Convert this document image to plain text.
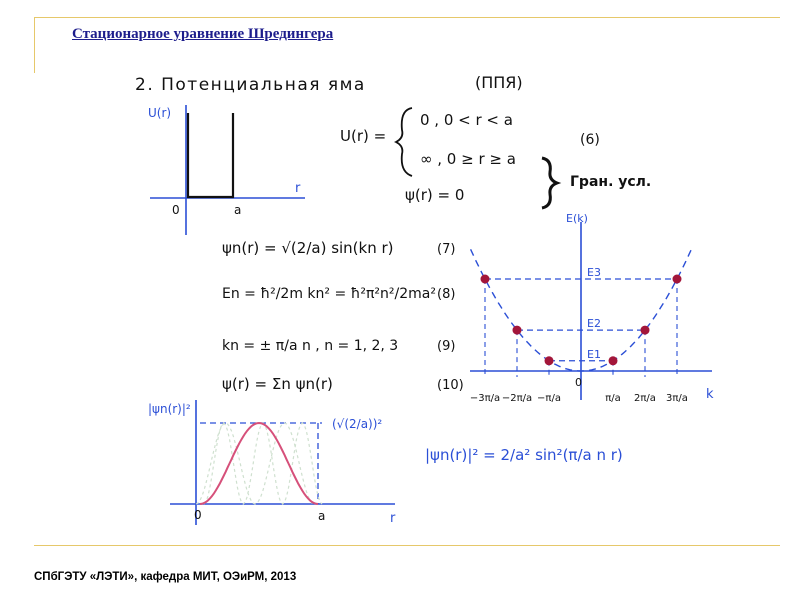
Стационарное уравнение Шредингера
2. Потенциальная яма	(ППЯ)
U(r)
r
0	a
U(r) =
0 , 0 < r < a
∞ , 0 ≥ r ≥ a
(6)
ψ(r) = 0
Гран. усл.
ψn(r) = √(2/a) sin(kn r)	(7)
En = ħ²/2m kn² = ħ²π²n²/2ma² (8)
kn = ± π/a n , n = 1, 2, 3	(9)
ψ(r) = Σn ψn(r)	(10)
E(k)
k
0
E1
E2
E3
−3π/a −2π/a −π/a	π/a 2π/a 3π/a
|ψn(r)|²
(√(2/a))²
r
0	a
|ψn(r)|² = 2/a² sin²(π/a n r)
СПбГЭТУ «ЛЭТИ», кафедра МИТ, ОЭиРМ, 2013
